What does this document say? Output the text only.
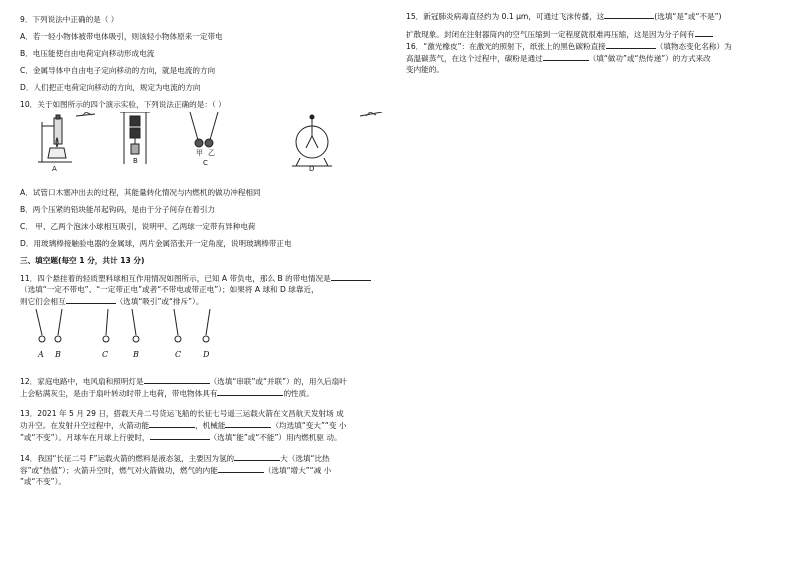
9．下列说法中正确的是（ ）

A．若一轻小物体被带电体吸引，则该轻小物体原来一定带电

B．电压能使自由电荷定向移动形成电流

C．金属导体中自由电子定向移动的方向，就是电流的方向

D．人们把正电荷定向移动的方向，规定为电流的方向

10．关于如图所示的四个演示实验，下列说法正确的是：（ ）

A
B
甲 乙
C
D

A．试管口木塞冲出去的过程，其能量转化情况与内燃机的做功冲程相同

B．两个压紧的铅块能吊起钩码，是由于分子间存在着引力

C． 甲、乙两个泡沫小球相互吸引，说明甲、乙两球一定带有异种电荷

D．用玻璃棒接触验电器的金属球，两片金属箔张开一定角度，说明玻璃棒带正电

三、填空题(每空 1 分，共计 13 分)

11．四个悬挂着的轻质塑料球相互作用情况如图所示，已知 A 带负电，那么 B 的带电情况是

（选填“一定不带电”、“一定带正电”或者“不带电或带正电”）；如果将 A 球和 D 球靠近，

则它们会相互	（选填“吸引”或“排斥”）。

A B	C	B	C	D

12．家庭电路中，电风扇和照明灯是	（选填“串联”或“并联”）的，用久后扇叶

上会粘满灰尘，是由于扇叶转动时带上电荷，带电物体具有	的性质。

13．2021 年 5 月 29 日，搭载天舟二号货运飞船的长征七号遥三运载火箭在文昌航天发射场 成

功升空。在发射升空过程中，火箭动能	，机械能	（均选填“变大”“变 小

”或“不变”）。月球车在月球上行驶时，	（选填“能”或“不能”）用内燃机驱 动。

14．我国“长征二号 F”运载火箭的燃料是液态氢，主要因为氢的	大（选填“比热

容”或“热值”）；火箭升空时，燃气对火箭做功，燃气的内能	（选填“增大”“减 小

”或“不变”）。

15．新冠肺炎病毒直径约为 0.1 μm，可通过飞沫传播，这	(选填“是”或“不是”)

扩散现象。封闭在注射器筒内的空气压缩到一定程度就很难再压缩，这是因为分子间有

16．“激光橡皮”：在激光的照射下，纸张上的黑色碳粉直接	（填物态变化名称）为

高温碳蒸气，在这个过程中，碳粉是通过	（填“做功”或“热传递”）的方式来改

变内能的。
